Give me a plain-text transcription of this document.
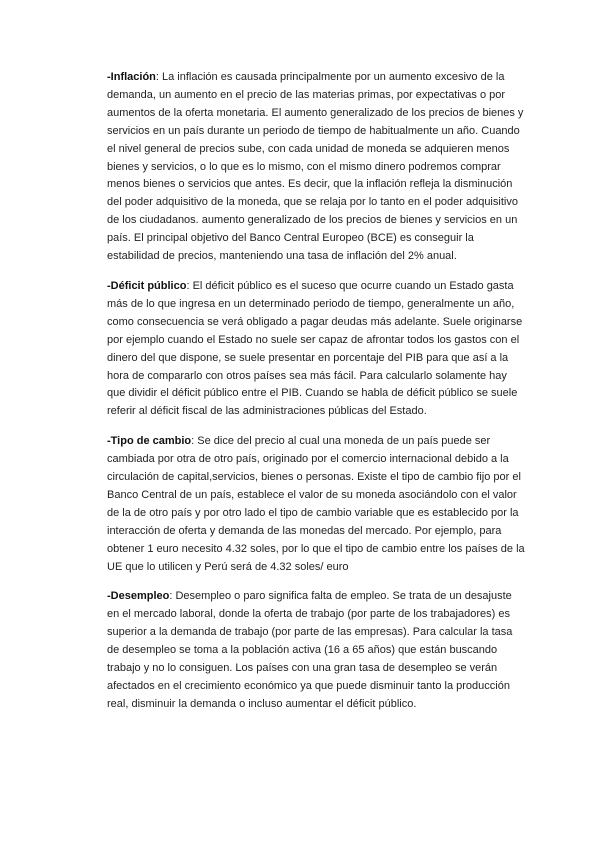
-Inflación: La inflación es causada principalmente por un aumento excesivo de la demanda, un aumento en el precio de las materias primas, por expectativas o por aumentos de la oferta monetaria. El aumento generalizado de los precios de bienes y servicios en un país durante un periodo de tiempo de habitualmente un año. Cuando el nivel general de precios sube, con cada unidad de moneda se adquieren menos bienes y servicios, o lo que es lo mismo, con el mismo dinero podremos comprar menos bienes o servicios que antes. Es decir, que la inflación refleja la disminución del poder adquisitivo de la moneda, que se relaja por lo tanto en el poder adquisitivo de los ciudadanos. aumento generalizado de los precios de bienes y servicios en un país. El principal objetivo del Banco Central Europeo (BCE) es conseguir la estabilidad de precios, manteniendo una tasa de inflación del 2% anual.

-Déficit público: El déficit público es el suceso que ocurre cuando un Estado gasta más de lo que ingresa en un determinado periodo de tiempo, generalmente un año, como consecuencia se verá obligado a pagar deudas más adelante. Suele originarse por ejemplo cuando el Estado no suele ser capaz de afrontar todos los gastos con el dinero del que dispone, se suele presentar en porcentaje del PIB para que así a la hora de compararlo con otros países sea más fácil. Para calcularlo solamente hay que dividir el déficit público entre el PIB. Cuando se habla de déficit público se suele referir al déficit fiscal de las administraciones públicas del Estado.

-Tipo de cambio: Se dice del precio al cual una moneda de un país puede ser cambiada por otra de otro país, originado por el comercio internacional debido a la circulación de capital,servicios, bienes o personas. Existe el tipo de cambio fijo por el Banco Central de un país, establece el valor de su moneda asociándolo con el valor de la de otro país y por otro lado el tipo de cambio variable que es establecido por la interacción de oferta y demanda de las monedas del mercado. Por ejemplo, para obtener 1 euro necesito 4.32 soles, por lo que el tipo de cambio entre los países de la UE que lo utilicen y Perú será de 4.32 soles/ euro

-Desempleo: Desempleo o paro significa falta de empleo. Se trata de un desajuste en el mercado laboral, donde la oferta de trabajo (por parte de los trabajadores) es superior a la demanda de trabajo (por parte de las empresas). Para calcular la tasa de desempleo se toma a la población activa (16 a 65 años) que están buscando trabajo y no lo consiguen. Los países con una gran tasa de desempleo se verán afectados en el crecimiento económico ya que puede disminuir tanto la producción real, disminuir la demanda o incluso aumentar el déficit público.
